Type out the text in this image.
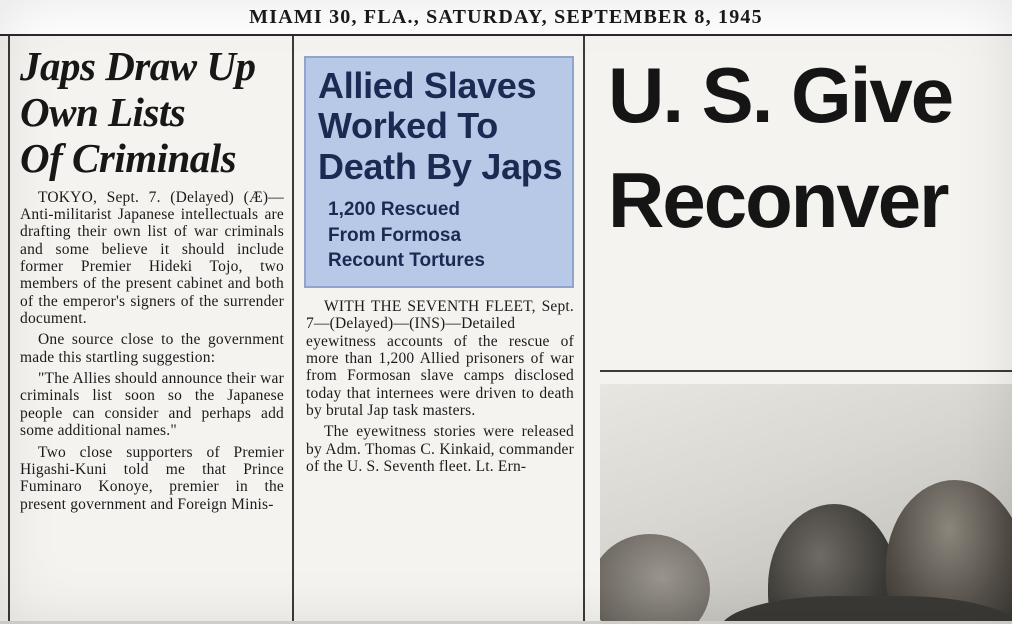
MIAMI 30, FLA., SATURDAY, SEPTEMBER 8, 1945
Japs Draw Up
Own Lists
Of Criminals

TOKYO, Sept. 7. (Delayed) (Æ)—Anti-militarist Japanese intellectuals are drafting their own list of war criminals and some believe it should include former Premier Hideki Tojo, two members of the present cabinet and both of the emperor's signers of the surrender document.

One source close to the government made this startling suggestion:

"The Allies should announce their war criminals list soon so the Japanese people can consider and perhaps add some additional names."

Two close supporters of Premier Higashi-Kuni told me that Prince Fuminaro Konoye, premier in the present government and Foreign Minis-

Allied Slaves
Worked To
Death By Japs
1,200 Rescued
From Formosa
Recount Tortures

WITH THE SEVENTH FLEET, Sept. 7—(Delayed)—(INS)—Detailed eyewitness accounts of the rescue of more than 1,200 Allied prisoners of war from Formosan slave camps disclosed today that internees were driven to death by brutal Jap task masters.

The eyewitness stories were released by Adm. Thomas C. Kinkaid, commander of the U. S. Seventh fleet. Lt. Ern-

U. S. Give
Reconver
